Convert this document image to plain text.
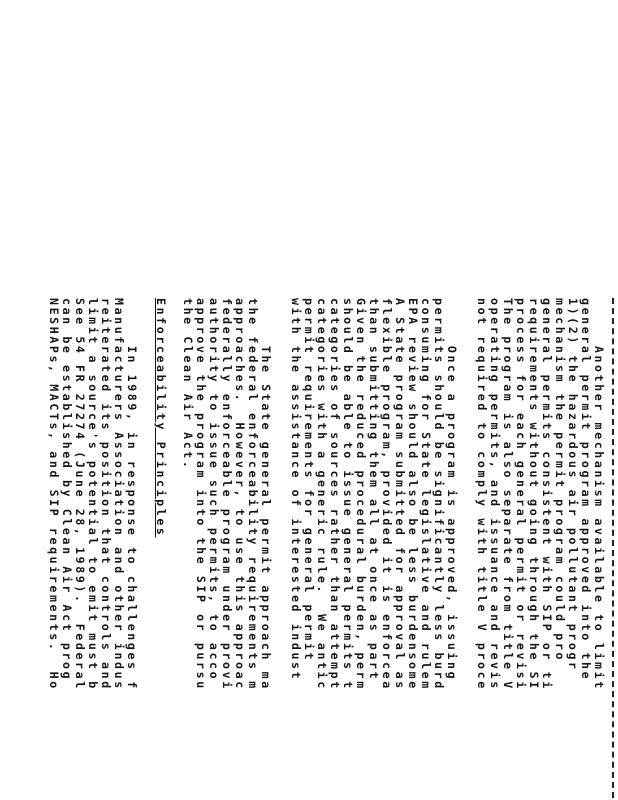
Another mechanism available to limit
general permit program approved into the
1)(2) the hazardous air pollutant progr
mechanism the permit program could pro
general permits consistent with SIP or ti
requirements without going through the SI
process for each general permit or revisi
The program is also separate from title V
operating permits, and issuance and revis
not required to comply with title V proce
Once a program is approved, issuing
permits should be significantly less burd
consuming for State legislative and rulem
EPA review should also be less burdensome
A State program submitted for approval as
flexible program, provided it is enforcea
than submitting them all at once as part
Given the reduced procedural burden, perm
should be able to issue general permits t
categories of sources rather than attempt
categories with a generic rule.  We antic
permit requirements for general permit
with the assistance of interested indust
The State general permit approach ma
the federal enforceability requirements m
approaches.  However, to use this approac
federally enforceable program under provi
authority to issue such permits, to acco
approve the program into the SIP or pursu
the Clean Air Act.
Enforceability Principles
In 1989, in response to challenges f
Manufacturers Association and other indus
reiterated its position that controls and
limit a source's potential to emit must b
See 54 FR 27274 (June 28, 1989).  Federal
can be established by Clean Air Act prog
NESHAPs, MACTs, and SIP requirements.  Ho
